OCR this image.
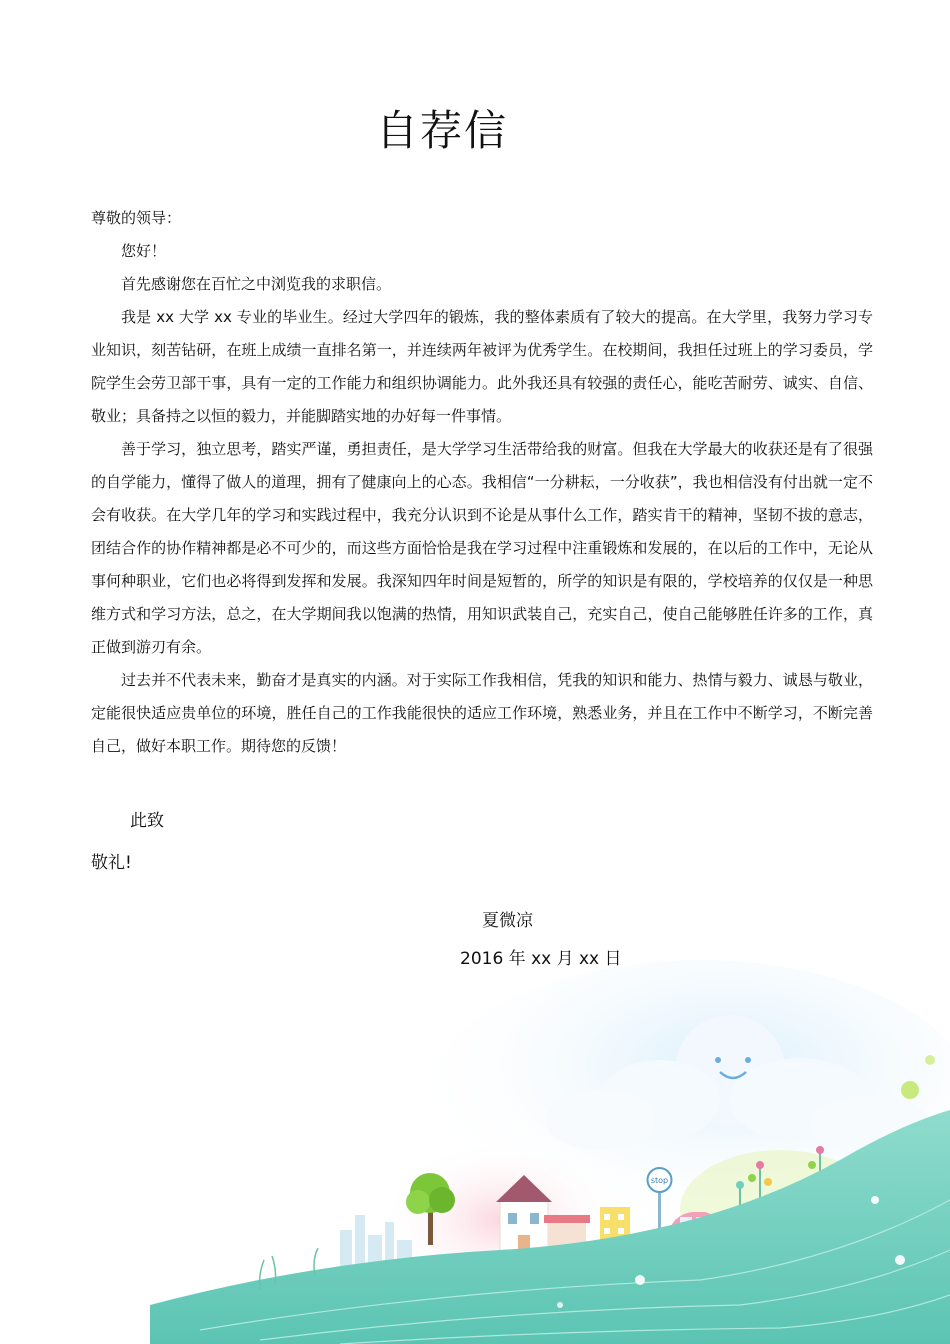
自荐信
尊敬的领导：

您好！

首先感谢您在百忙之中浏览我的求职信。

我是 xx 大学 xx 专业的毕业生。经过大学四年的锻炼，我的整体素质有了较大的提高。在大学里，我努力学习专业知识，刻苦钻研，在班上成绩一直排名第一，并连续两年被评为优秀学生。在校期间，我担任过班上的学习委员，学院学生会劳卫部干事，具有一定的工作能力和组织协调能力。此外我还具有较强的责任心，能吃苦耐劳、诚实、自信、敬业；具备持之以恒的毅力，并能脚踏实地的办好每一件事情。

善于学习，独立思考，踏实严谨，勇担责任，是大学学习生活带给我的财富。但我在大学最大的收获还是有了很强的自学能力，懂得了做人的道理，拥有了健康向上的心态。我相信“一分耕耘，一分收获”，我也相信没有付出就一定不会有收获。在大学几年的学习和实践过程中，我充分认识到不论是从事什么工作，踏实肯干的精神，坚韧不拔的意志，团结合作的协作精神都是必不可少的，而这些方面恰恰是我在学习过程中注重锻炼和发展的，在以后的工作中，无论从事何种职业，它们也必将得到发挥和发展。我深知四年时间是短暂的，所学的知识是有限的，学校培养的仅仅是一种思维方式和学习方法，总之，在大学期间我以饱满的热情，用知识武装自己，充实自己，使自己能够胜任许多的工作，真正做到游刃有余。

过去并不代表未来，勤奋才是真实的内涵。对于实际工作我相信，凭我的知识和能力、热情与毅力、诚恳与敬业，定能很快适应贵单位的环境，胜任自己的工作我能很快的适应工作环境，熟悉业务，并且在工作中不断学习，不断完善自己，做好本职工作。期待您的反馈！

此致
敬礼!
夏微凉
2016 年 xx 月 xx 日
stop
